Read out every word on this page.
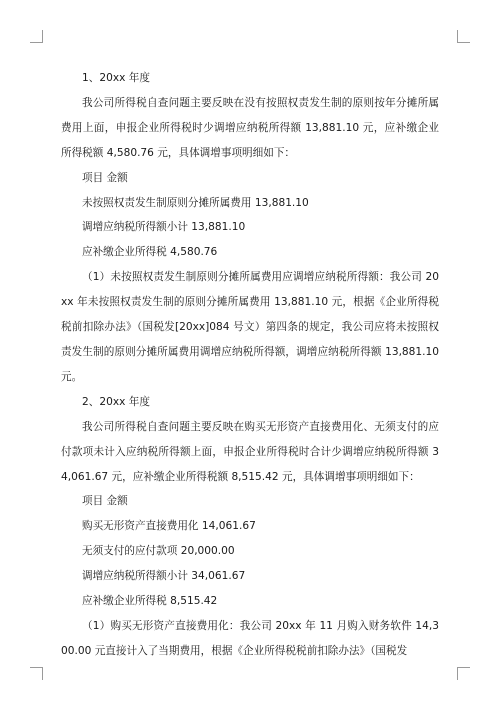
1、20xx 年度

我公司所得税自查问题主要反映在没有按照权责发生制的原则按年分摊所属费用上面，申报企业所得税时少调增应纳税所得额 13,881.10 元，应补缴企业所得税额 4,580.76 元，具体调增事项明细如下：

项目 金额

未按照权责发生制原则分摊所属费用 13,881.10

调增应纳税所得额小计 13,881.10

应补缴企业所得税 4,580.76

（1）未按照权责发生制原则分摊所属费用应调增应纳税所得额：我公司 20xx 年未按照权责发生制的原则分摊所属费用 13,881.10 元，根据《企业所得税税前扣除办法》（国税发[20xx]084 号文）第四条的规定，我公司应将未按照权责发生制的原则分摊所属费用调增应纳税所得额，调增应纳税所得额 13,881.10 元。

2、20xx 年度

我公司所得税自查问题主要反映在购买无形资产直接费用化、无须支付的应付款项未计入应纳税所得额上面，申报企业所得税时合计少调增应纳税所得额 34,061.67 元，应补缴企业所得税额 8,515.42 元，具体调增事项明细如下：

项目 金额

购买无形资产直接费用化 14,061.67

无须支付的应付款项 20,000.00

调增应纳税所得额小计 34,061.67

应补缴企业所得税 8,515.42

（1）购买无形资产直接费用化：我公司 20xx 年 11 月购入财务软件 14,300.00 元直接计入了当期费用，根据《企业所得税税前扣除办法》（国税发
